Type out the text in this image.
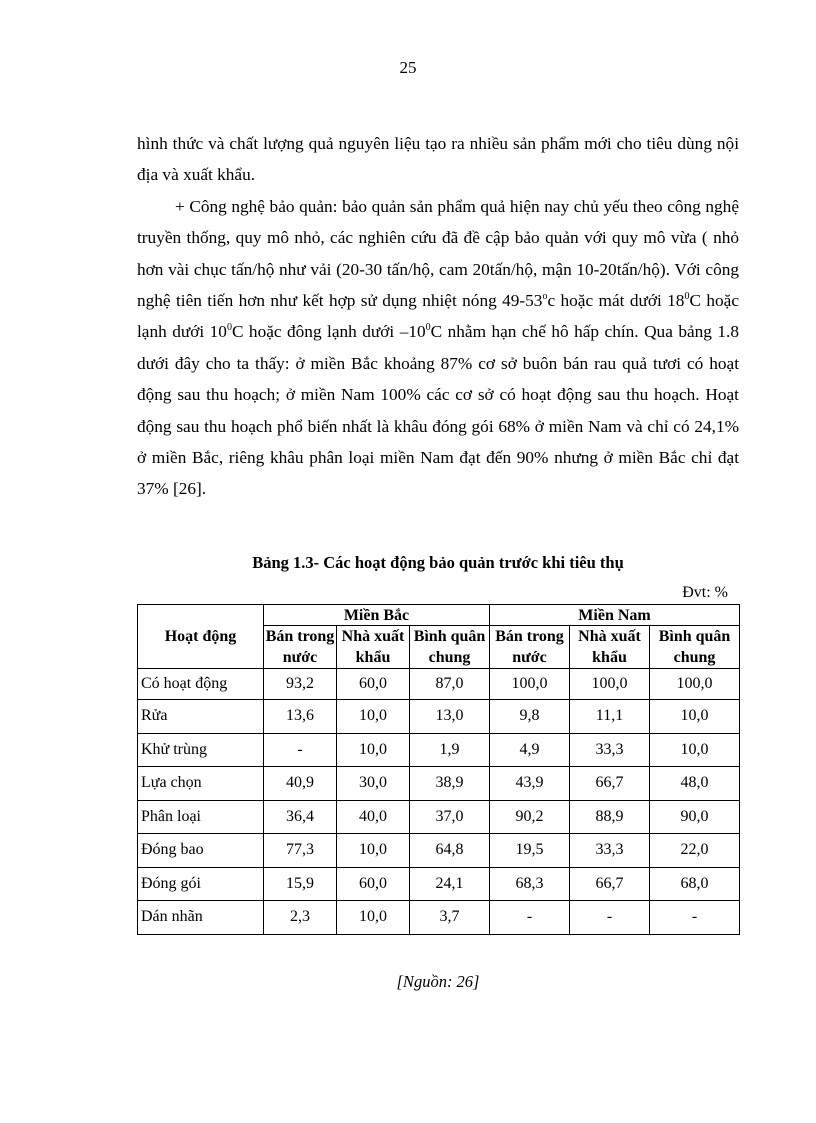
25

hình thức và chất lượng quả nguyên liệu tạo ra nhiều sản phẩm mới cho tiêu dùng nội địa và xuất khẩu.

+ Công nghệ bảo quản: bảo quản sản phẩm quả hiện nay chủ yếu theo công nghệ truyền thống, quy mô nhỏ, các nghiên cứu đã đề cập bảo quản với quy mô vừa ( nhỏ hơn vài chục tấn/hộ như vải (20-30 tấn/hộ, cam 20tấn/hộ, mận 10-20tấn/hộ). Với công nghệ tiên tiến hơn như kết hợp sử dụng nhiệt nóng 49-53$^o$c hoặc mát dưới $18^0C$ hoặc lạnh dưới $10^0C$ hoặc đông lạnh dưới $-10^0C$ nhằm hạn chế hô hấp chín. Qua bảng 1.8 dưới đây cho ta thấy: ở miền Bắc khoảng 87% cơ sở buôn bán rau quả tươi có hoạt động sau thu hoạch; ở miền Nam 100% các cơ sở có hoạt động sau thu hoạch. Hoạt động sau thu hoạch phổ biến nhất là khâu đóng gói 68% ở miền Nam và chỉ có 24,1% ở miền Bắc, riêng khâu phân loại miền Nam đạt đến 90% nhưng ở miền Bắc chỉ đạt 37% [26].

Bảng 1.3- Các hoạt động bảo quản trước khi tiêu thụ
Đvt: %
Hoạt động	Miền Bắc			Miền Nam		
	Bán trong nước	Nhà xuất khẩu	Bình quân chung	Bán trong nước	Nhà xuất khẩu	Bình quân chung
Có hoạt động	93,2	60,0	87,0	100,0	100,0	100,0
Rửa	13,6	10,0	13,0	9,8	11,1	10,0
Khử trùng	-	10,0	1,9	4,9	33,3	10,0
Lựa chọn	40,9	30,0	38,9	43,9	66,7	48,0
Phân loại	36,4	40,0	37,0	90,2	88,9	90,0
Đóng bao	77,3	10,0	64,8	19,5	33,3	22,0
Đóng gói	15,9	60,0	24,1	68,3	66,7	68,0
Dán nhãn	2,3	10,0	3,7	-	-	-
[Nguồn: 26]
